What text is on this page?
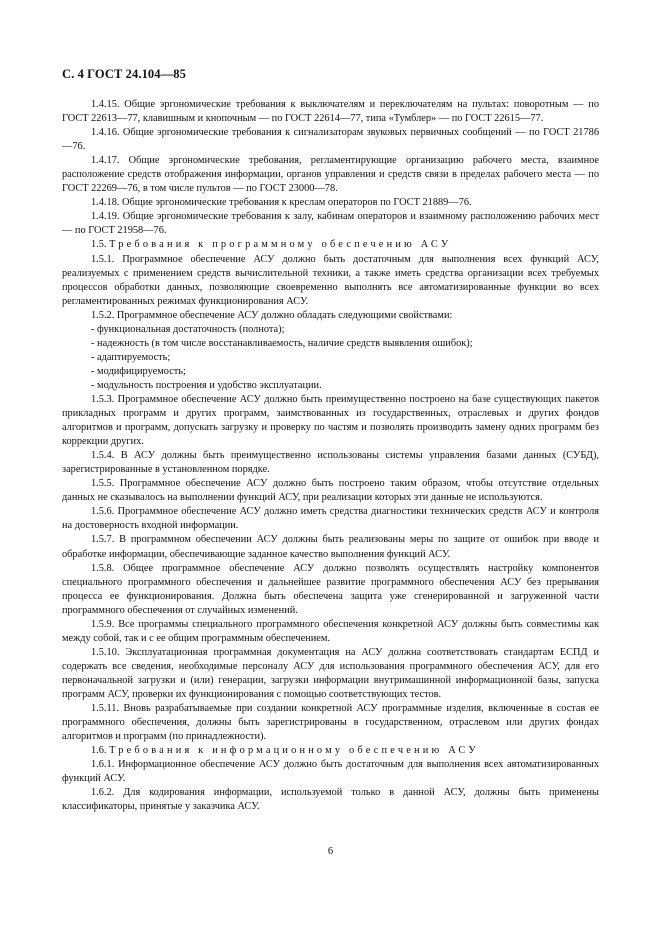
С. 4 ГОСТ 24.104—85

1.4.15. Общие эргономические требования к выключателям и переключателям на пультах: поворотным — по ГОСТ 22613—77, клавишным и кнопочным — по ГОСТ 22614—77, типа «Тумблер» — по ГОСТ 22615—77.

1.4.16. Общие эргономические требования к сигнализаторам звуковых первичных сообщений — по ГОСТ 21786—76.

1.4.17. Общие эргономические требования, регламентирующие организацию рабочего места, взаимное расположение средств отображения информации, органов управления и средств связи в пределах рабочего места — по ГОСТ 22269—76, в том числе пультов — по ГОСТ 23000—78.

1.4.18. Общие эргономические требования к креслам операторов по ГОСТ 21889—76.

1.4.19. Общие эргономические требования к залу, кабинам операторов и взаимному расположению рабочих мест — по ГОСТ 21958—76.

1.5. Требования к программному обеспечению АСУ

1.5.1. Программное обеспечение АСУ должно быть достаточным для выполнения всех функций АСУ, реализуемых с применением средств вычислительной техники, а также иметь средства организации всех требуемых процессов обработки данных, позволяющие своевременно выполнять все автоматизированные функции во всех регламентированных режимах функционирования АСУ.

1.5.2. Программное обеспечение АСУ должно обладать следующими свойствами:

- функциональная достаточность (полнота);

- надежность (в том числе восстанавливаемость, наличие средств выявления ошибок);

- адаптируемость;

- модифицируемость;

- модульность построения и удобство эксплуатации.

1.5.3. Программное обеспечение АСУ должно быть преимущественно построено на базе существующих пакетов прикладных программ и других программ, заимствованных из государственных, отраслевых и других фондов алгоритмов и программ, допускать загрузку и проверку по частям и позволять производить замену одних программ без коррекции других.

1.5.4. В АСУ должны быть преимущественно использованы системы управления базами данных (СУБД), зарегистрированные в установленном порядке.

1.5.5. Программное обеспечение АСУ должно быть построено таким образом, чтобы отсутствие отдельных данных не сказывалось на выполнении функций АСУ, при реализации которых эти данные не используются.

1.5.6. Программное обеспечение АСУ должно иметь средства диагностики технических средств АСУ и контроля на достоверность входной информации.

1.5.7. В программном обеспечении АСУ должны быть реализованы меры по защите от ошибок при вводе и обработке информации, обеспечивающие заданное качество выполнения функций АСУ.

1.5.8. Общее программное обеспечение АСУ должно позволять осуществлять настройку компонентов специального программного обеспечения и дальнейшее развитие программного обеспечения АСУ без прерывания процесса ее функционирования. Должна быть обеспечена защита уже сгенерированной и загруженной части программного обеспечения от случайных изменений.

1.5.9. Все программы специального программного обеспечения конкретной АСУ должны быть совместимы как между собой, так и с ее общим программным обеспечением.

1.5.10. Эксплуатационная программная документация на АСУ должна соответствовать стандартам ЕСПД и содержать все сведения, необходимые персоналу АСУ для использования программного обеспечения АСУ, для его первоначальной загрузки и (или) генерации, загрузки информации внутримашинной информационной базы, запуска программ АСУ, проверки их функционирования с помощью соответствующих тестов.

1.5.11. Вновь разрабатываемые при создании конкретной АСУ программные изделия, включенные в состав ее программного обеспечения, должны быть зарегистрированы в государственном, отраслевом или других фондах алгоритмов и программ (по принадлежности).

1.6. Требования к информационному обеспечению АСУ

1.6.1. Информационное обеспечение АСУ должно быть достаточным для выполнения всех автоматизированных функций АСУ.

1.6.2. Для кодирования информации, используемой только в данной АСУ, должны быть применены классификаторы, принятые у заказчика АСУ.

6
